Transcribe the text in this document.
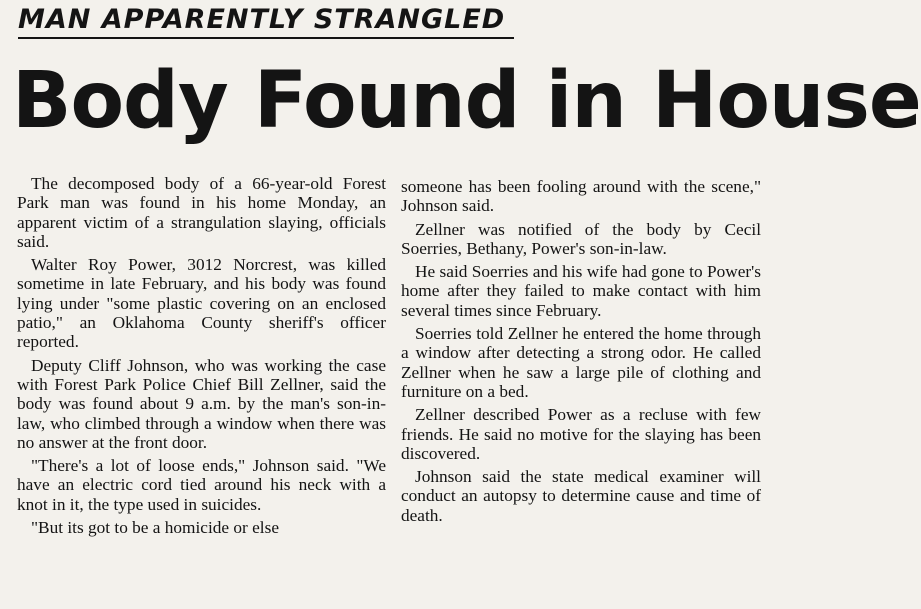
MAN APPARENTLY STRANGLED
Body Found in House

The decomposed body of a 66-year-old Forest Park man was found in his home Monday, an apparent victim of a strangulation slaying, officials said.

Walter Roy Power, 3012 Norcrest, was killed sometime in late February, and his body was found lying under "some plastic covering on an enclosed patio," an Oklahoma County sheriff's officer reported.

Deputy Cliff Johnson, who was working the case with Forest Park Police Chief Bill Zellner, said the body was found about 9 a.m. by the man's son-in-law, who climbed through a window when there was no answer at the front door.

"There's a lot of loose ends," Johnson said. "We have an electric cord tied around his neck with a knot in it, the type used in suicides.

"But its got to be a homicide or else

someone has been fooling around with the scene," Johnson said.

Zellner was notified of the body by Cecil Soerries, Bethany, Power's son-in-law.

He said Soerries and his wife had gone to Power's home after they failed to make contact with him several times since February.

Soerries told Zellner he entered the home through a window after detecting a strong odor. He called Zellner when he saw a large pile of clothing and furniture on a bed.

Zellner described Power as a recluse with few friends. He said no motive for the slaying has been discovered.

Johnson said the state medical examiner will conduct an autopsy to determine cause and time of death.
